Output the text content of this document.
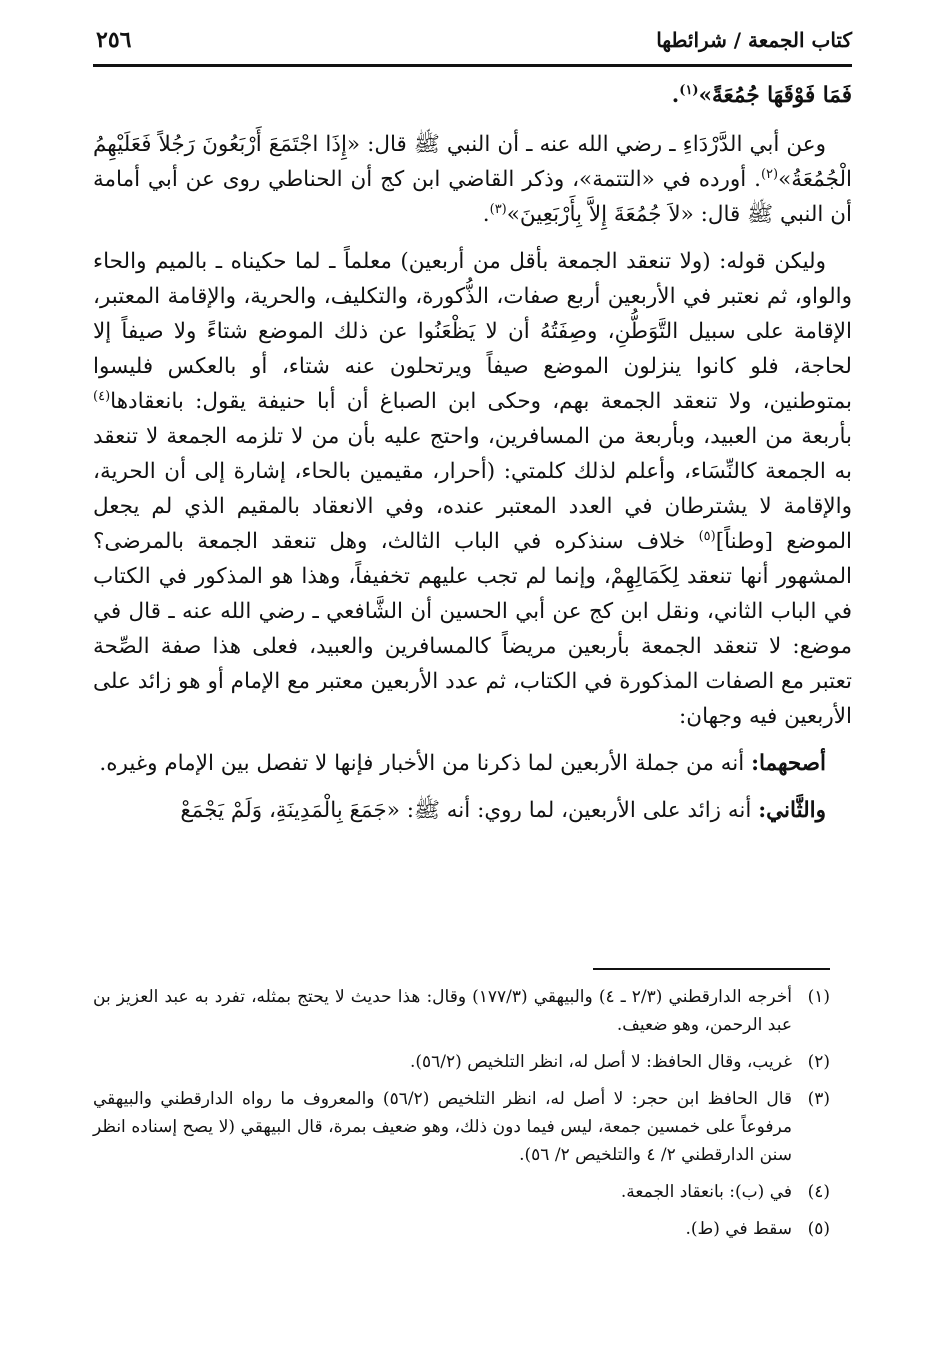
كتاب الجمعة / شرائطها
٢٥٦

فَمَا فَوْقَهَا جُمُعَةً»$^{(١)}$.

وعن أبي الدَّرْدَاءِ ـ رضي الله عنه ـ أن النبي ﷺ قال: «إِذَا اجْتَمَعَ أَرْبَعُونَ رَجُلاً فَعَلَيْهِمُ الْجُمُعَةُ»$^{(٢)}$. أورده في «التتمة»، وذكر القاضي ابن كج أن الحناطي روى عن أبي أمامة أن النبي ﷺ قال: «لاَ جُمُعَةَ إِلاَّ بِأَرْبَعِينَ»$^{(٣)}$.

وليكن قوله: (ولا تنعقد الجمعة بأقل من أربعين) معلماً ـ لما حكيناه ـ بالميم والحاء والواو، ثم نعتبر في الأربعين أربع صفات، الذُّكورة، والتكليف، والحرية، والإقامة المعتبر، الإقامة على سبيل التَّوَطُّنِ، وصِفَتُهُ أن لا يَظْعَنُوا عن ذلك الموضع شتاءً ولا صيفاً إلا لحاجة، فلو كانوا ينزلون الموضع صيفاً ويرتحلون عنه شتاء، أو بالعكس فليسوا بمتوطنين، ولا تنعقد الجمعة بهم، وحكى ابن الصباغ أن أبا حنيفة يقول: بانعقادها$^{(٤)}$ بأربعة من العبيد، وبأربعة من المسافرين، واحتج عليه بأن من لا تلزمه الجمعة لا تنعقد به الجمعة كالنِّسَاء، وأعلم لذلك كلمتي: (أحرار، مقيمين بالحاء، إشارة إلى أن الحرية، والإقامة لا يشترطان في العدد المعتبر عنده، وفي الانعقاد بالمقيم الذي لم يجعل الموضع [وطناً]$^{(٥)}$ خلاف سنذكره في الباب الثالث، وهل تنعقد الجمعة بالمرضى؟ المشهور أنها تنعقد لِكَمَالِهِمْ، وإنما لم تجب عليهم تخفيفاً، وهذا هو المذكور في الكتاب في الباب الثاني، ونقل ابن كج عن أبي الحسين أن الشَّافعي ـ رضي الله عنه ـ قال في موضع: لا تنعقد الجمعة بأربعين مريضاً كالمسافرين والعبيد، فعلى هذا صفة الصِّحة تعتبر مع الصفات المذكورة في الكتاب، ثم عدد الأربعين معتبر مع الإمام أو هو زائد على الأربعين فيه وجهان:

أصحهما: أنه من جملة الأربعين لما ذكرنا من الأخبار فإنها لا تفصل بين الإمام وغيره.

والثَّاني: أنه زائد على الأربعين، لما روي: أنه ﷺ: «جَمَعَ بِالْمَدِينَةِ، وَلَمْ يَجْمَعْ

(١)
أخرجه الدارقطني (٢/٣ ـ ٤) والبيهقي (١٧٧/٣) وقال: هذا حديث لا يحتج بمثله، تفرد به عبد العزيز بن عبد الرحمن، وهو ضعيف.
(٢)
غريب، وقال الحافظ: لا أصل له، انظر التلخيص (٥٦/٢).
(٣)
قال الحافظ ابن حجر: لا أصل له، انظر التلخيص (٥٦/٢) والمعروف ما رواه الدارقطني والبيهقي مرفوعاً على خمسين جمعة، ليس فيما دون ذلك، وهو ضعيف بمرة، قال البيهقي (لا يصح إسناده انظر سنن الدارقطني ٢/ ٤ والتلخيص ٢/ ٥٦).
(٤)
في (ب): بانعقاد الجمعة.
(٥)
سقط في (ط).
